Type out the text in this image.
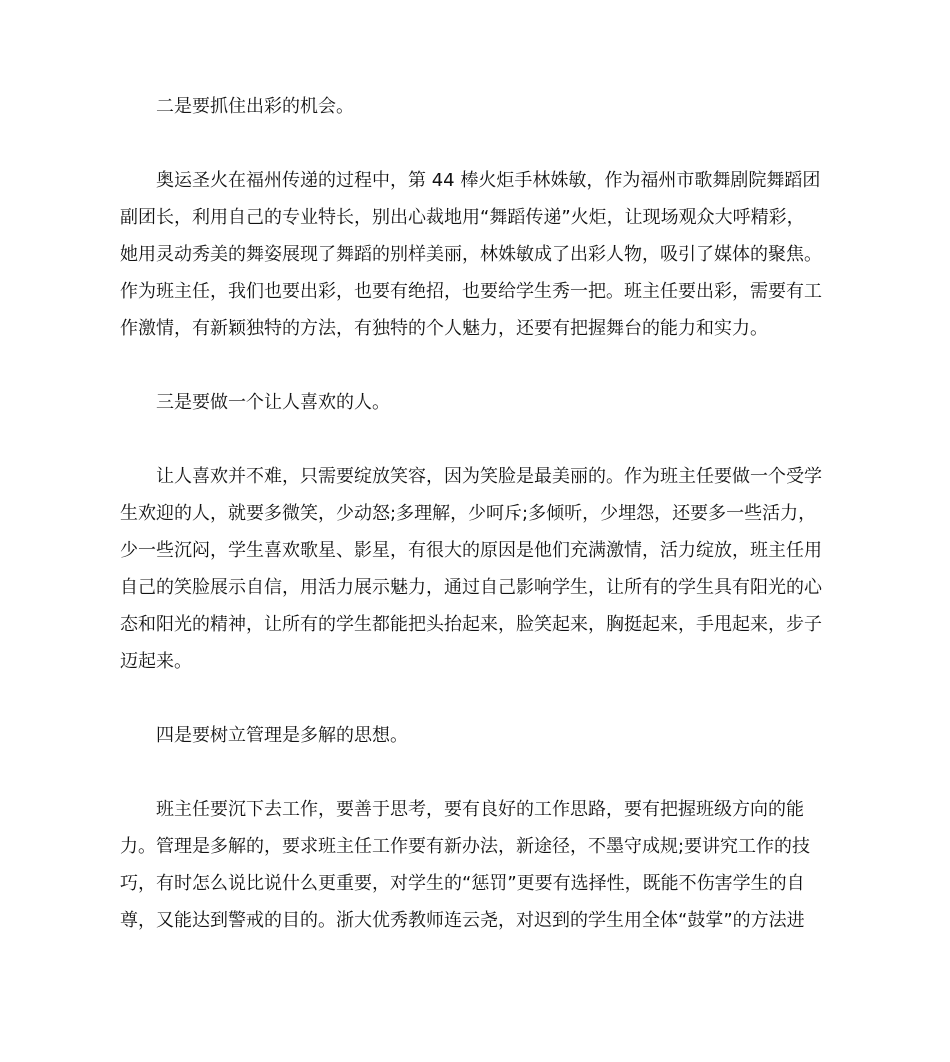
二是要抓住出彩的机会。

奥运圣火在福州传递的过程中，第 44 棒火炬手林姝敏，作为福州市歌舞剧院舞蹈团
副团长，利用自己的专业特长，别出心裁地用“舞蹈传递”火炬，让现场观众大呼精彩，
她用灵动秀美的舞姿展现了舞蹈的别样美丽，林姝敏成了出彩人物，吸引了媒体的聚焦。
作为班主任，我们也要出彩，也要有绝招，也要给学生秀一把。班主任要出彩，需要有工
作激情，有新颖独特的方法，有独特的个人魅力，还要有把握舞台的能力和实力。

三是要做一个让人喜欢的人。

让人喜欢并不难，只需要绽放笑容，因为笑脸是最美丽的。作为班主任要做一个受学
生欢迎的人，就要多微笑，少动怒;多理解，少呵斥;多倾听，少埋怨，还要多一些活力，
少一些沉闷，学生喜欢歌星、影星，有很大的原因是他们充满激情，活力绽放，班主任用
自己的笑脸展示自信，用活力展示魅力，通过自己影响学生，让所有的学生具有阳光的心
态和阳光的精神，让所有的学生都能把头抬起来，脸笑起来，胸挺起来，手甩起来，步子
迈起来。

四是要树立管理是多解的思想。

班主任要沉下去工作，要善于思考，要有良好的工作思路，要有把握班级方向的能
力。管理是多解的，要求班主任工作要有新办法，新途径，不墨守成规;要讲究工作的技
巧，有时怎么说比说什么更重要，对学生的“惩罚”更要有选择性，既能不伤害学生的自
尊，又能达到警戒的目的。浙大优秀教师连云尧，对迟到的学生用全体“鼓掌”的方法进
